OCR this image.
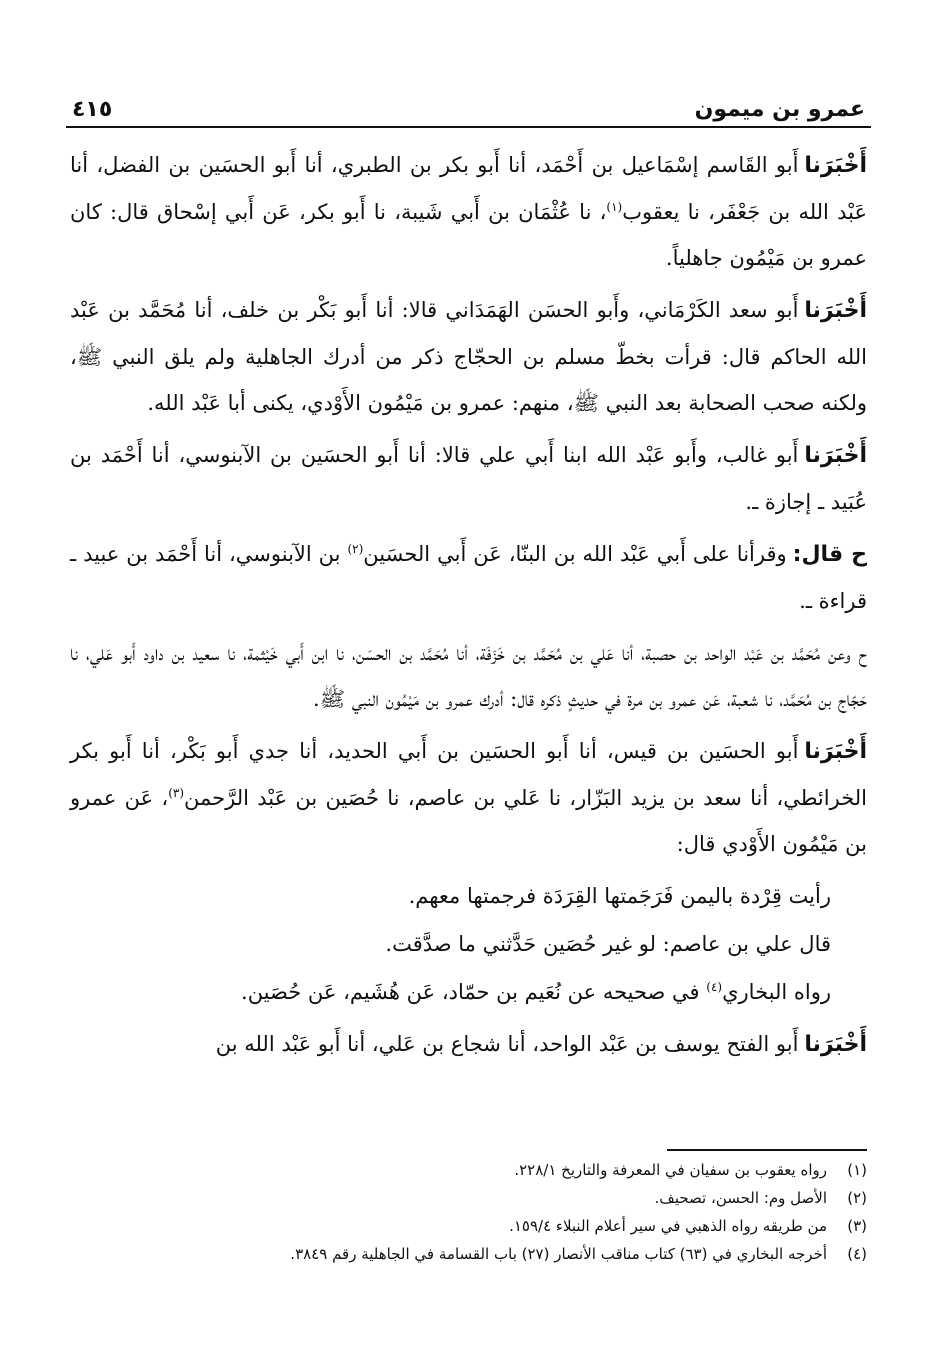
عمرو بن ميمون
٤١٥

أَخْبَرَناأَبو القَاسم إسْمَاعيل بن أَحْمَد، أنا أَبو بكر بن الطبري، أنا أَبو الحسَين بن الفضل، أنا عَبْد الله بن جَعْفَر، نا يعقوب$^{(١)}$، نا عُثْمَان بن أَبي شَيبة، نا أَبو بكر، عَن أَبي إسْحاق قال: كان عمرو بن مَيْمُون جاهلياً.

أَخْبَرَناأَبو سعد الكَرْمَاني، وأَبو الحسَن الهَمَدَاني قالا: أنا أَبو بَكْر بن خلف، أنا مُحَمَّد بن عَبْد الله الحاكم قال: قرأت بخطّ مسلم بن الحجّاج ذكر من أدرك الجاهلية ولم يلق النبي ﷺ، ولكنه صحب الصحابة بعد النبي ﷺ، منهم: عمرو بن مَيْمُون الأَوْدي، يكنى أبا عَبْد الله.

أَخْبَرَناأَبو غالب، وأَبو عَبْد الله ابنا أَبي علي قالا: أنا أَبو الحسَين بن الآبنوسي، أنا أَحْمَد بن عُبَيد ـ إجازة ـ.

ح قال:وقرأنا على أَبي عَبْد الله بن البنّا، عَن أَبي الحسَين$^{(٢)}$ بن الآبنوسي، أنا أَحْمَد بن عبيد ـ قراءة ـ.

ح وعن مُحَمَّد بن عَبْد الواحد بن حصبة، أنا عَلي بن مُحَمَّد بن خَزَفَة، أنا مُحَمَّد بن الحسَن، نا ابن أَبي خَيْثمة، نا سعيد بن داود أَبو عَلي، نا حَجّاج بن مُحَمَّد، نا شعبة، عَن عمرو بن مرة في حديثٍ ذكره قال: أدرك عمرو بن مَيْمُون النبي ﷺ.

أَخْبَرَناأَبو الحسَين بن قيس، أنا أَبو الحسَين بن أَبي الحديد، أنا جدي أَبو بَكْر، أنا أَبو بكر الخرائطي، أنا سعد بن يزيد البَزّار، نا عَلي بن عاصم، نا حُصَين بن عَبْد الرَّحمن$^{(٣)}$، عَن عمرو بن مَيْمُون الأَوْدي قال:

رأيت قِرْدة باليمن فَرَجَمتها القِرَدَة فرجمتها معهم.

قال علي بن عاصم: لو غير حُصَين حَدَّثني ما صدَّقت.

رواه البخاري$^{(٤)}$ في صحيحه عن نُعَيم بن حمّاد، عَن هُشَيم، عَن حُصَين.

أَخْبَرَناأَبو الفتح يوسف بن عَبْد الواحد، أنا شجاع بن عَلي، أنا أَبو عَبْد الله بن

(١)
رواه يعقوب بن سفيان في المعرفة والتاريخ ٢٢٨/١.
(٢)
الأصل وم: الحسن، تصحيف.
(٣)
من طريقه رواه الذهبي في سير أعلام النبلاء ١٥٩/٤.
(٤)
أخرجه البخاري في (٦٣) كتاب مناقب الأنصار (٢٧) باب القسامة في الجاهلية رقم ٣٨٤٩.
